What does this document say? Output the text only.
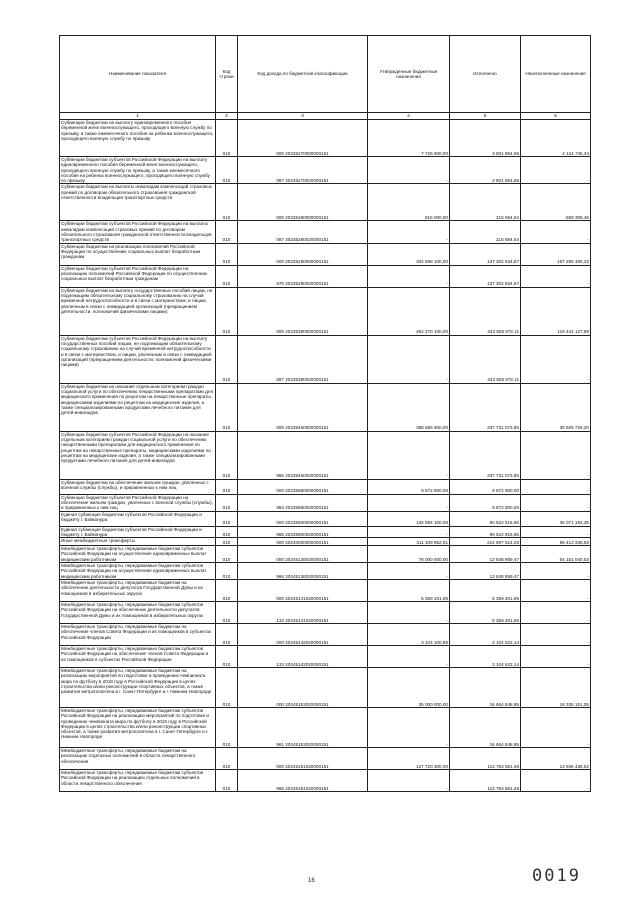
Наименование показателя	Код строки	Код дохода по бюджетной классификации	Утвержденные бюджетные назначения	Исполнено	Неисполненные назначения
1	2	3	4	5	6
Субвенции бюджетам на выплату единовременного пособия беременной жене военнослужащего, проходящего военную службу по призыву, а также ежемесячного пособия на ребенка военнослужащего, проходящего военную службу по призыву	010	000 20235270000000151	7 726 600,00	3 601 854,66	4 124 745,34
Субвенции бюджетам субъектов Российской Федерации на выплату единовременного пособия беременной жене военнослужащего, проходящего военную службу по призыву, а также ежемесячного пособия на ребенка военнослужащего, проходящего военную службу по призыву	010	087 20235270020000151	-	3 601 854,66	-
Субвенции бюджетам на выплаты инвалидам компенсаций страховых премий по договорам обязательного страхования гражданской ответственности владельцев транспортных средств	010	000 20235280000000151	815 000,00	215 694,54	599 305,46
Субвенции бюджетам субъектов Российской Федерации на выплаты инвалидам компенсаций страховых премий по договорам обязательного страхования гражданской ответственности владельцев транспортных средств	010	087 20235280020000151	-	215 694,54	-
Субвенции бюджетам на реализацию полномочий Российской Федерации по осуществлению социальных выплат безработным гражданам	010	000 20235290000000151	304 598 100,00	137 302 634,67	167 295 465,33
Субвенции бюджетам субъектов Российской Федерации на реализацию полномочий Российской Федерации по осуществлению социальных выплат безработным гражданам	010	970 20235290020000151	-	137 302 634,67	-
Субвенции бюджетам на выплату государственных пособий лицам, не подлежащим обязательному социальному страхованию на случай временной нетрудоспособности и в связи с материнством, и лицам, уволенным в связи с ликвидацией организаций (прекращением деятельности, полномочий физическими лицами)	010	000 20235380000000151	462 270 100,00	343 825 972,11	118 444 127,89
Субвенции бюджетам субъектов Российской Федерации на выплату государственных пособий лицам, не подлежащим обязательному социальному страхованию на случай временной нетрудоспособности и в связи с материнством, и лицам, уволенным в связи с ликвидацией организаций (прекращением деятельности, полномочий физическими лицами)	010	087 20235380020000151	-	343 825 972,11	-
Субвенции бюджетам на оказание отдельным категориям граждан социальной услуги по обеспечению лекарственными препаратами для медицинского применения по рецептам на лекарственные препараты, медицинскими изделиями по рецептам на медицинские изделия, а также специализированными продуктами лечебного питания для детей-инвалидов	010	000 20235460000000151	368 656 900,00	337 731 073,80	30 925 726,20
Субвенции бюджетам субъектов Российской Федерации на оказание отдельным категориям граждан социальной услуги по обеспечению лекарственными препаратами для медицинского применения по рецептам на лекарственные препараты, медицинскими изделиями по рецептам на медицинские изделия, а также специализированными продуктами лечебного питания для детей-инвалидов	010	966 20235460020000151	-	337 731 073,80	-
Субвенции бюджетам на обеспечение жильем граждан, уволенных с военной службы (службы), и приравненных к ним лиц	010	000 20235850000000151	9 672 800,00	9 672 800,00	-
Субвенции бюджетам субъектов Российской Федерации на обеспечение жильем граждан, уволенных с военной службы (службы), и приравненных к ним лиц	010	984 20235850020000151	-	9 672 800,00	-
Единая субвенция бюджетам субъектов Российской Федерации и бюджету г. Байконура	010	000 20235900000000151	125 594 100,00	90 522 916,65	35 071 183,35
Единая субвенция бюджетам субъектов Российской Федерации и бюджету г. Байконура	010	965 20235900020000151	-	90 522 916,65	-
Иные межбюджетные трансферты	010	000 20240000000000151	311 109 852,61	214 697 514,03	96 412 338,58
Межбюджетные трансферты, передаваемые бюджетам субъектов Российской Федерации на осуществление единовременных выплат медицинским работникам	010	000 20245136020000151	78 000 000,00	13 848 959,47	64 151 040,53
Межбюджетные трансферты, передаваемые бюджетам субъектов Российской Федерации на осуществление единовременных выплат медицинским работникам	010	966 20245136020000151	-	13 848 959,47	-
Межбюджетные трансферты, передаваемые бюджетам на обеспечение деятельности депутатов Государственной Думы и их помощников в избирательных округах	010	000 20245141020000151	5 359 201,96	5 359 201,96	-
Межбюджетные трансферты, передаваемые бюджетам субъектов Российской Федерации на обеспечение деятельности депутатов Государственной Думы и их помощников в избирательных округах	010	133 20245141020000151	-	5 359 201,96	-
Межбюджетные трансферты, передаваемые бюджетам на обеспечение членов Совета Федерации и их помощников в субъектах Российской Федерации	010	000 20245142020000151	3 104 100,86	3 104 622,14	-
Межбюджетные трансферты, передаваемые бюджетам субъектов Российской Федерации на обеспечение членов Совета Федерации и их помощников в субъектах Российской Федерации	010	133 20245142020000151	-	3 104 622,14	-
Межбюджетные трансферты, передаваемые бюджетам на реализацию мероприятий по подготовке и проведению чемпионата мира по футболу в 2018 году в Российской Федерации в целях строительства и/или реконструкции спортивных объектов, а также развития метрополитена в г. Санкт-Петербурге и г. Нижнем Новгороде	010	000 20245153020000151	35 000 000,00	16 664 848,95	18 335 151,05
Межбюджетные трансферты, передаваемые бюджетам субъектов Российской Федерации на реализацию мероприятий по подготовке и проведению чемпионата мира по футболу в 2018 году в Российской Федерации в целях строительства и/или реконструкции спортивных объектов, а также развития метрополитена в г. Санкт-Петербурге и г. Нижнем Новгороде	010	961 20245153020000151	-	16 664 848,95	-
Межбюджетные трансферты, передаваемые бюджетам на реализацию отдельных полномочий в области лекарственного обеспечения	010	000 20245161020000151	127 720 300,00	113 783 861,48	13 936 438,52
Межбюджетные трансферты, передаваемые бюджетам субъектов Российской Федерации на реализацию отдельных полномочий в области лекарственного обеспечения	010	966 20245161020000151	-	113 783 861,48	-
16	0019
